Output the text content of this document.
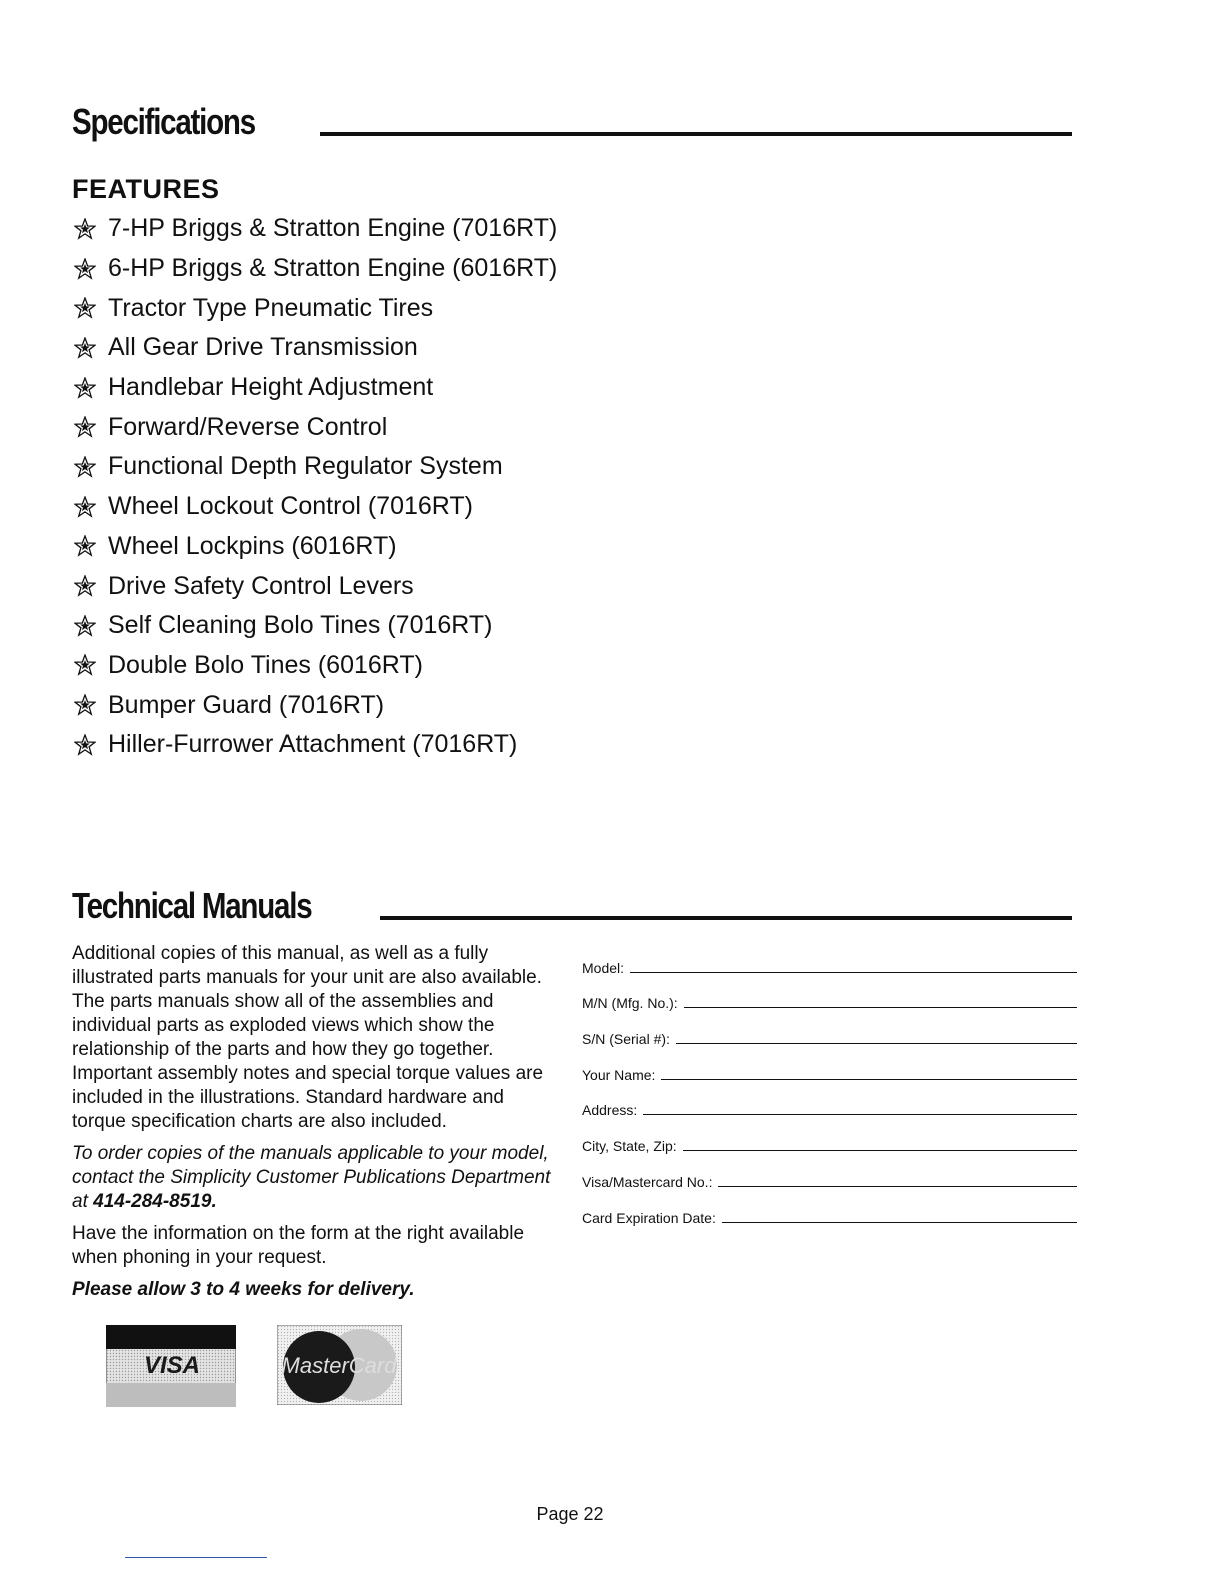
Specifications
FEATURES
7-HP Briggs & Stratton Engine (7016RT)
6-HP Briggs & Stratton Engine (6016RT)
Tractor Type Pneumatic Tires
All Gear Drive Transmission
Handlebar Height Adjustment
Forward/Reverse Control
Functional Depth Regulator System
Wheel Lockout Control (7016RT)
Wheel Lockpins (6016RT)
Drive Safety Control Levers
Self Cleaning Bolo Tines (7016RT)
Double Bolo Tines (6016RT)
Bumper Guard (7016RT)
Hiller-Furrower Attachment (7016RT)
Technical Manuals

Additional copies of this manual, as well as a fully illustrated parts manuals for your unit are also available. The parts manuals show all of the assemblies and individual parts as exploded views which show the relationship of the parts and how they go together. Important assembly notes and special torque values are included in the illustrations. Standard hardware and torque specification charts are also included.

To order copies of the manuals applicable to your model, contact the Simplicity Customer Publications Department at 414-284-8519.

Have the information on the form at the right available when phoning in your request.

Please allow 3 to 4 weeks for delivery.

Model:
M/N (Mfg. No.):
S/N (Serial #):
Your Name:
Address:
City, State, Zip:
Visa/Mastercard No.:
Card Expiration Date:
VISA	MasterCard
Page 22
